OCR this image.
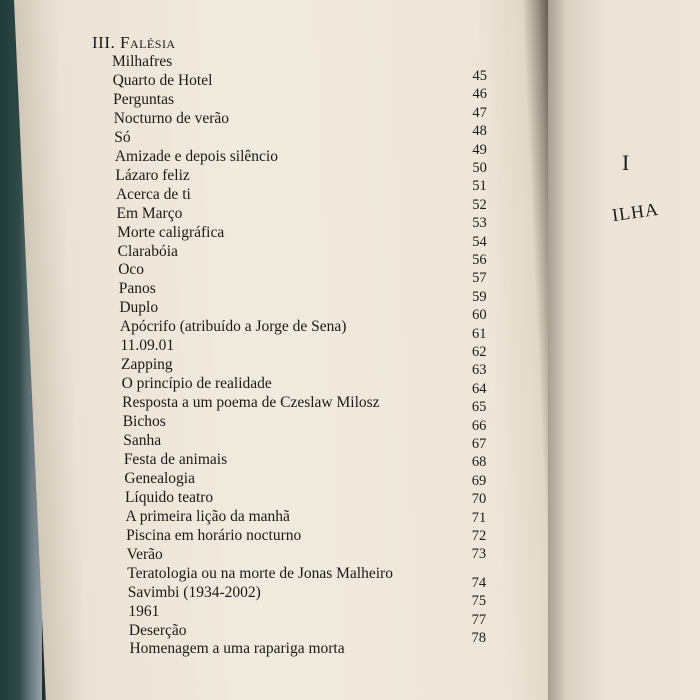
III. Falésia
Milhafres
Quarto de Hotel
Perguntas
Nocturno de verão
Só
Amizade e depois silêncio
Lázaro feliz
Acerca de ti
Em Março
Morte caligráfica
Clarabóia
Oco
Panos
Duplo
Apócrifo (atribuído a Jorge de Sena)
11.09.01
Zapping
O princípio de realidade
Resposta a um poema de Czeslaw Milosz
Bichos
Sanha
Festa de animais
Genealogia
Líquido teatro
A primeira lição da manhã
Piscina em horário nocturno
Verão
Teratologia ou na morte de Jonas Malheiro
Savimbi (1934-2002)
1961
Deserção
Homenagem a uma rapariga morta
45
46
47
48
49
50
51
52
53
54
56
57
59
60
61
62
63
64
65
66
67
68
69
70
71
72
73
74
75
77
78
I
ILHA
